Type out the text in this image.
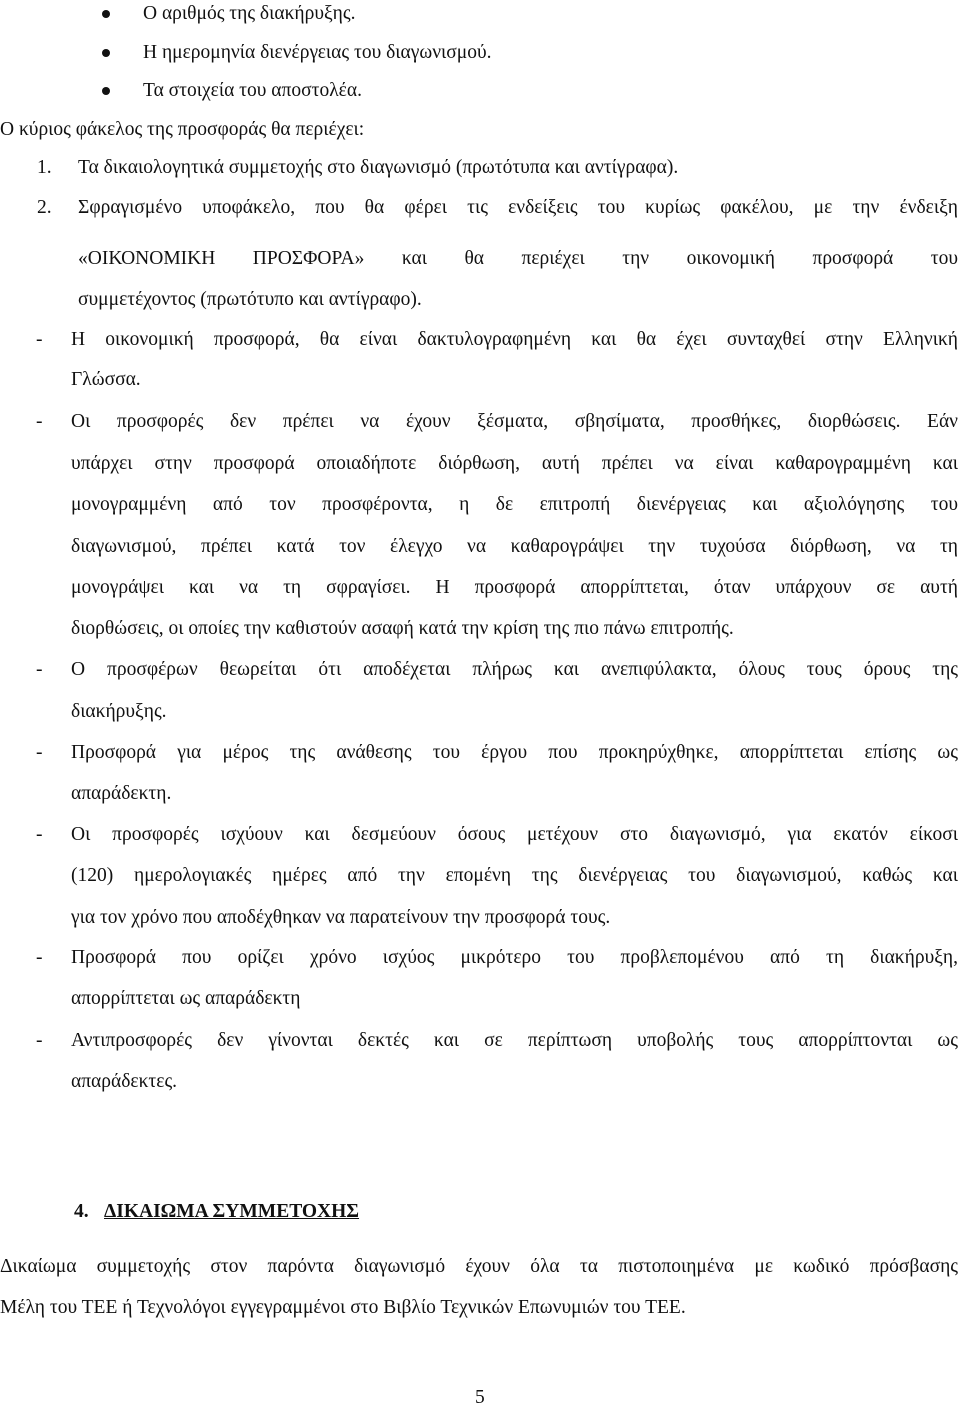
Ο αριθμός της διακήρυξης.
Η ημερομηνία διενέργειας του διαγωνισμού.
Τα στοιχεία του αποστολέα.
Ο κύριος φάκελος της προσφοράς θα περιέχει:
1. Τα δικαιολογητικά συμμετοχής στο διαγωνισμό (πρωτότυπα και αντίγραφα).
2. Σφραγισμένο υποφάκελο, που θα φέρει τις ενδείξεις του κυρίως φακέλου, με την ένδειξη
«ΟΙΚΟΝΟΜΙΚΗ ΠΡΟΣΦΟΡΑ» και θα περιέχει την οικονομική προσφορά του
συμμετέχοντος (πρωτότυπο και αντίγραφο).
- Η οικονομική προσφορά, θα είναι δακτυλογραφημένη και θα έχει συνταχθεί στην Ελληνική
Γλώσσα.
- Οι προσφορές δεν πρέπει να έχουν ξέσματα, σβησίματα, προσθήκες, διορθώσεις. Εάν
υπάρχει στην προσφορά οποιαδήποτε διόρθωση, αυτή πρέπει να είναι καθαρογραμμένη και
μονογραμμένη από τον προσφέροντα, η δε επιτροπή διενέργειας και αξιολόγησης του
διαγωνισμού, πρέπει κατά τον έλεγχο να καθαρογράψει την τυχούσα διόρθωση, να τη
μονογράψει και να τη σφραγίσει. Η προσφορά απορρίπτεται, όταν υπάρχουν σε αυτή
διορθώσεις, οι οποίες την καθιστούν ασαφή κατά την κρίση της πιο πάνω επιτροπής.
- Ο προσφέρων θεωρείται ότι αποδέχεται πλήρως και ανεπιφύλακτα, όλους τους όρους της
διακήρυξης.
- Προσφορά για μέρος της ανάθεσης του έργου που προκηρύχθηκε, απορρίπτεται επίσης ως
απαράδεκτη.
- Οι προσφορές ισχύουν και δεσμεύουν όσους μετέχουν στο διαγωνισμό, για εκατόν είκοσι
(120) ημερολογιακές ημέρες από την επομένη της διενέργειας του διαγωνισμού, καθώς και
για τον χρόνο που αποδέχθηκαν να παρατείνουν την προσφορά τους.
- Προσφορά που ορίζει χρόνο ισχύος μικρότερο του προβλεπομένου από τη διακήρυξη,
απορρίπτεται ως απαράδεκτη
- Αντιπροσφορές δεν γίνονται δεκτές και σε περίπτωση υποβολής τους απορρίπτονται ως
απαράδεκτες.
4. ΔΙΚΑΙΩΜΑ ΣΥΜΜΕΤΟΧΗΣ
Δικαίωμα συμμετοχής στον παρόντα διαγωνισμό έχουν όλα τα πιστοποιημένα με κωδικό πρόσβασης
Μέλη του ΤΕΕ ή Τεχνολόγοι εγγεγραμμένοι στο Βιβλίο Τεχνικών Επωνυμιών του ΤΕΕ.
5
